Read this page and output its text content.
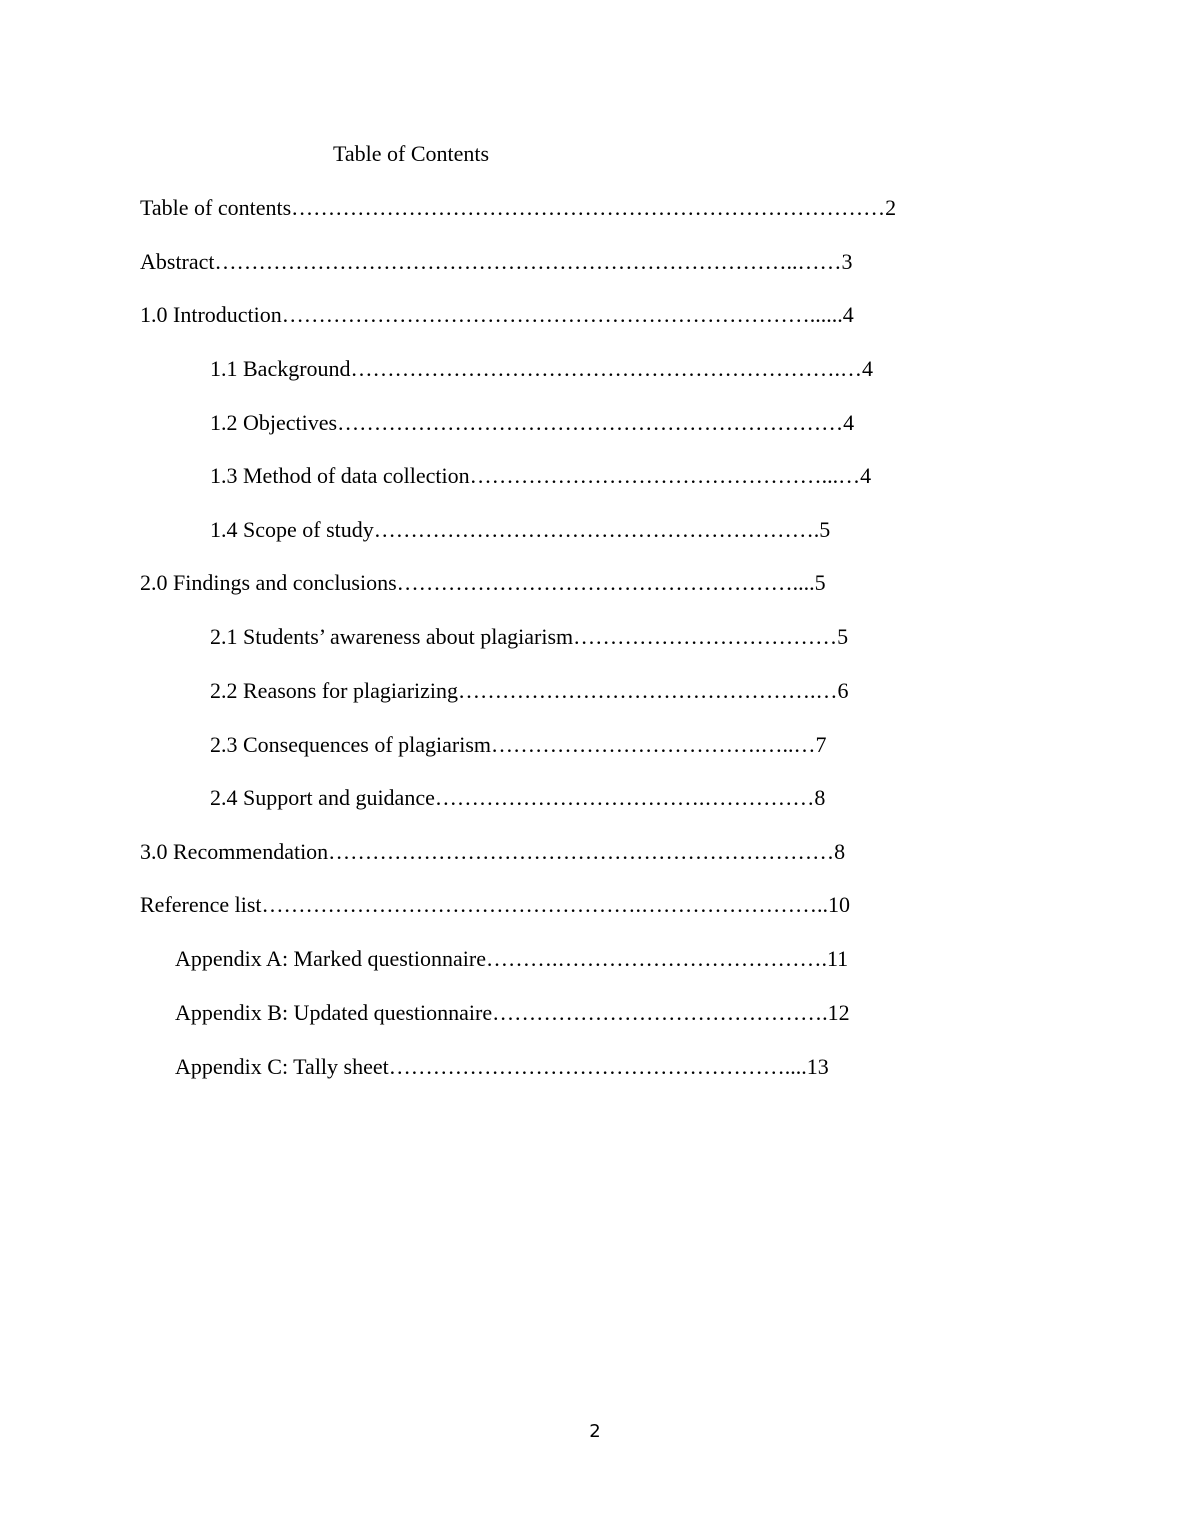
Table of Contents
Table of contents………………………………………………………………………2
Abstract……………………………………………………………………..……3
1.0 Introduction………………………………………………………………......4
1.1 Background………………………………………………………….…4
1.2 Objectives……………………………………………………………4
1.3 Method of data collection…………………………………………...…4
1.4 Scope of study…………………………………………………….5
2.0 Findings and conclusions………………………………………………....5
2.1 Students’ awareness about plagiarism………………………………5
2.2 Reasons for plagiarizing………………………………………….…6
2.3 Consequences of plagiarism……………………………….…..…7
2.4 Support and guidance……………………………….……………8
3.0 Recommendation……………………………………………………………8
Reference list…………………………………………….……………………..10
Appendix A: Marked questionnaire……….……………………………….11
Appendix B: Updated questionnaire……………………………………….12
Appendix C: Tally sheet………………………………………………....13
2
